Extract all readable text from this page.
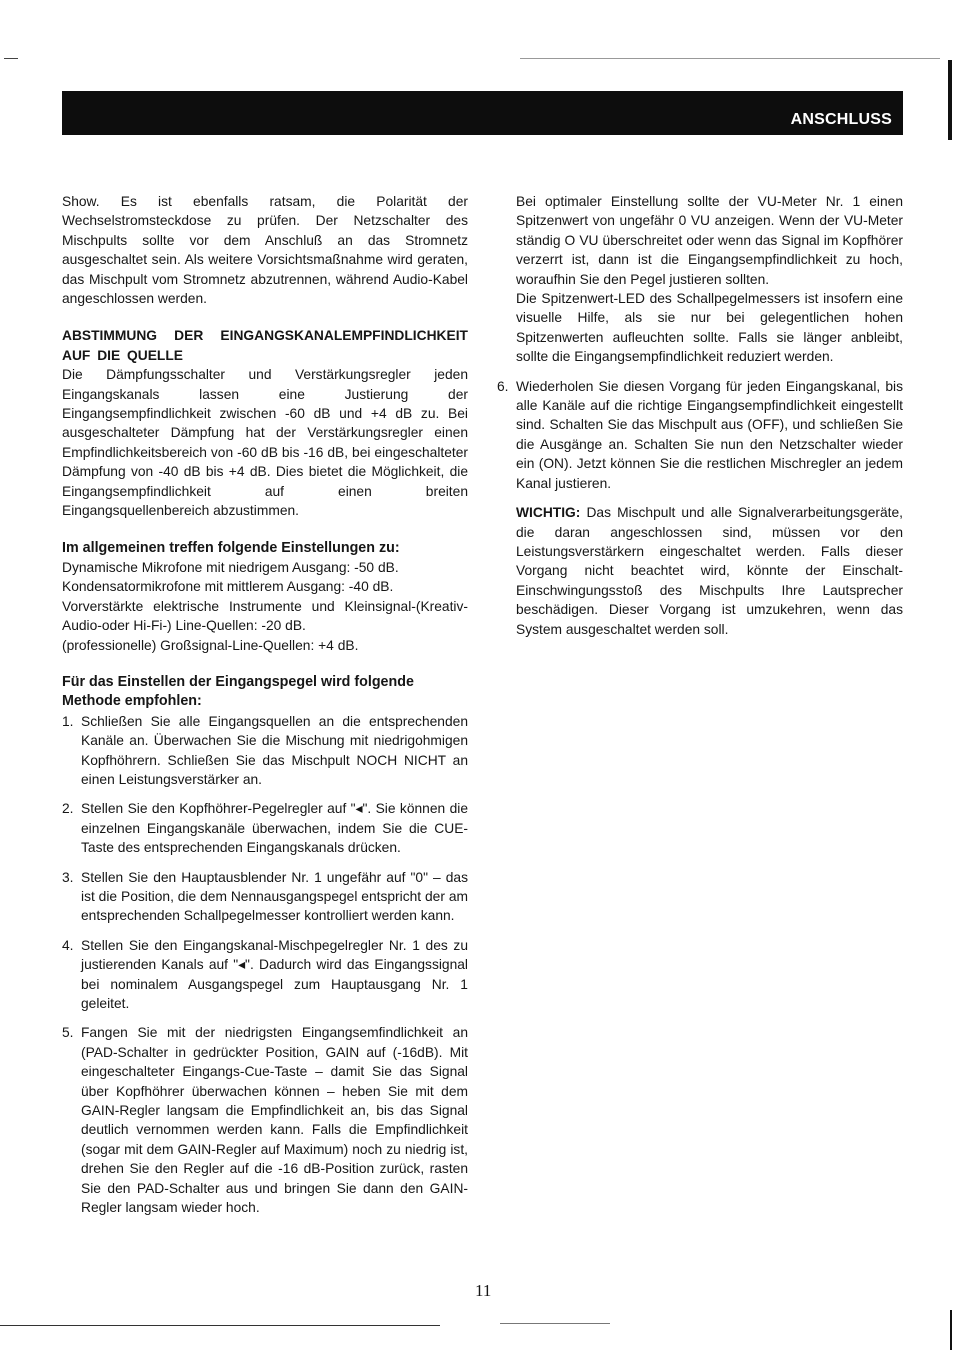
ANSCHLUSS

Show. Es ist ebenfalls ratsam, die Polarität der Wechselstromsteckdose zu prüfen. Der Netzschalter des Mischpults sollte vor dem Anschluß an das Stromnetz ausgeschaltet sein. Als weitere Vorsichtsmaßnahme wird geraten, das Mischpult vom Stromnetz abzutrennen, während Audio-Kabel angeschlossen werden.

ABSTIMMUNG DER EINGANGSKANALEMPFINDLICHKEIT AUF DIE QUELLE

Die Dämpfungsschalter und Verstärkungsregler jeden Eingangskanals lassen eine Justierung der Eingangsempfindlichkeit zwischen -60 dB und +4 dB zu. Bei ausgeschalteter Dämpfung hat der Verstärkungsregler einen Empfindlichkeitsbereich von -60 dB bis -16 dB, bei eingeschalteter Dämpfung von -40 dB bis +4 dB. Dies bietet die Möglichkeit, die Eingangsempfindlichkeit auf einen breiten Eingangsquellenbereich abzustimmen.

Im allgemeinen treffen folgende Einstellungen zu:

Dynamische Mikrofone mit niedrigem Ausgang: -50 dB.

Kondensatormikrofone mit mittlerem Ausgang: -40 dB.

Vorverstärkte elektrische Instrumente und Kleinsignal-(Kreativ-Audio-oder Hi-Fi-) Line-Quellen: -20 dB.

(professionelle) Großsignal-Line-Quellen: +4 dB.

Für das Einstellen der Eingangspegel wird folgende Methode empfohlen:
1. Schließen Sie alle Eingangsquellen an die entsprechenden Kanäle an. Überwachen Sie die Mischung mit niedrigohmigen Kopfhöhrern. Schließen Sie das Mischpult NOCH NICHT an einen Leistungsverstärker an.
2. Stellen Sie den Kopfhöhrer-Pegelregler auf "◂". Sie können die einzelnen Eingangskanäle überwachen, indem Sie die CUE-Taste des entsprechenden Eingangskanals drücken.
3. Stellen Sie den Hauptausblender Nr. 1 ungefähr auf "0" – das ist die Position, die dem Nennausgangspegel entspricht der am entsprechenden Schallpegelmesser kontrolliert werden kann.
4. Stellen Sie den Eingangskanal-Mischpegelregler Nr. 1 des zu justierenden Kanals auf "◂". Dadurch wird das Eingangssignal bei nominalem Ausgangspegel zum Hauptausgang Nr. 1 geleitet.
5. Fangen Sie mit der niedrigsten Eingangsemfindlichkeit an (PAD-Schalter in gedrückter Position, GAIN auf (-16dB). Mit eingeschalteter Eingangs-Cue-Taste – damit Sie das Signal über Kopfhöhrer überwachen können – heben Sie mit dem GAIN-Regler langsam die Empfindlichkeit an, bis das Signal deutlich vernommen werden kann. Falls die Empfindlichkeit (sogar mit dem GAIN-Regler auf Maximum) noch zu niedrig ist, drehen Sie den Regler auf die -16 dB-Position zurück, rasten Sie den PAD-Schalter aus und bringen Sie dann den GAIN-Regler langsam wieder hoch.

Bei optimaler Einstellung sollte der VU-Meter Nr. 1 einen Spitzenwert von ungefähr 0 VU anzeigen. Wenn der VU-Meter ständig O VU überschreitet oder wenn das Signal im Kopfhörer verzerrt ist, dann ist die Eingangsempfindlichkeit zu hoch, woraufhin Sie den Pegel justieren sollten.

Die Spitzenwert-LED des Schallpegelmessers ist insofern eine visuelle Hilfe, als sie nur bei gelegentlichen hohen Spitzenwerten aufleuchten sollte. Falls sie länger anbleibt, sollte die Eingangsempfindlichkeit reduziert werden.

6. Wiederholen Sie diesen Vorgang für jeden Eingangskanal, bis alle Kanäle auf die richtige Eingangsempfindlichkeit eingestellt sind. Schalten Sie das Mischpult aus (OFF), und schließen Sie die Ausgänge an. Schalten Sie nun den Netzschalter wieder ein (ON). Jetzt können Sie die restlichen Mischregler an jedem Kanal justieren.

WICHTIG: Das Mischpult und alle Signalverarbeitungsgeräte, die daran angeschlossen sind, müssen vor den Leistungsverstärkern eingeschaltet werden. Falls dieser Vorgang nicht beachtet wird, könnte der Einschalt-Einschwingungsstoß des Mischpults Ihre Lautsprecher beschädigen. Dieser Vorgang ist umzukehren, wenn das System ausgeschaltet werden soll.

11
